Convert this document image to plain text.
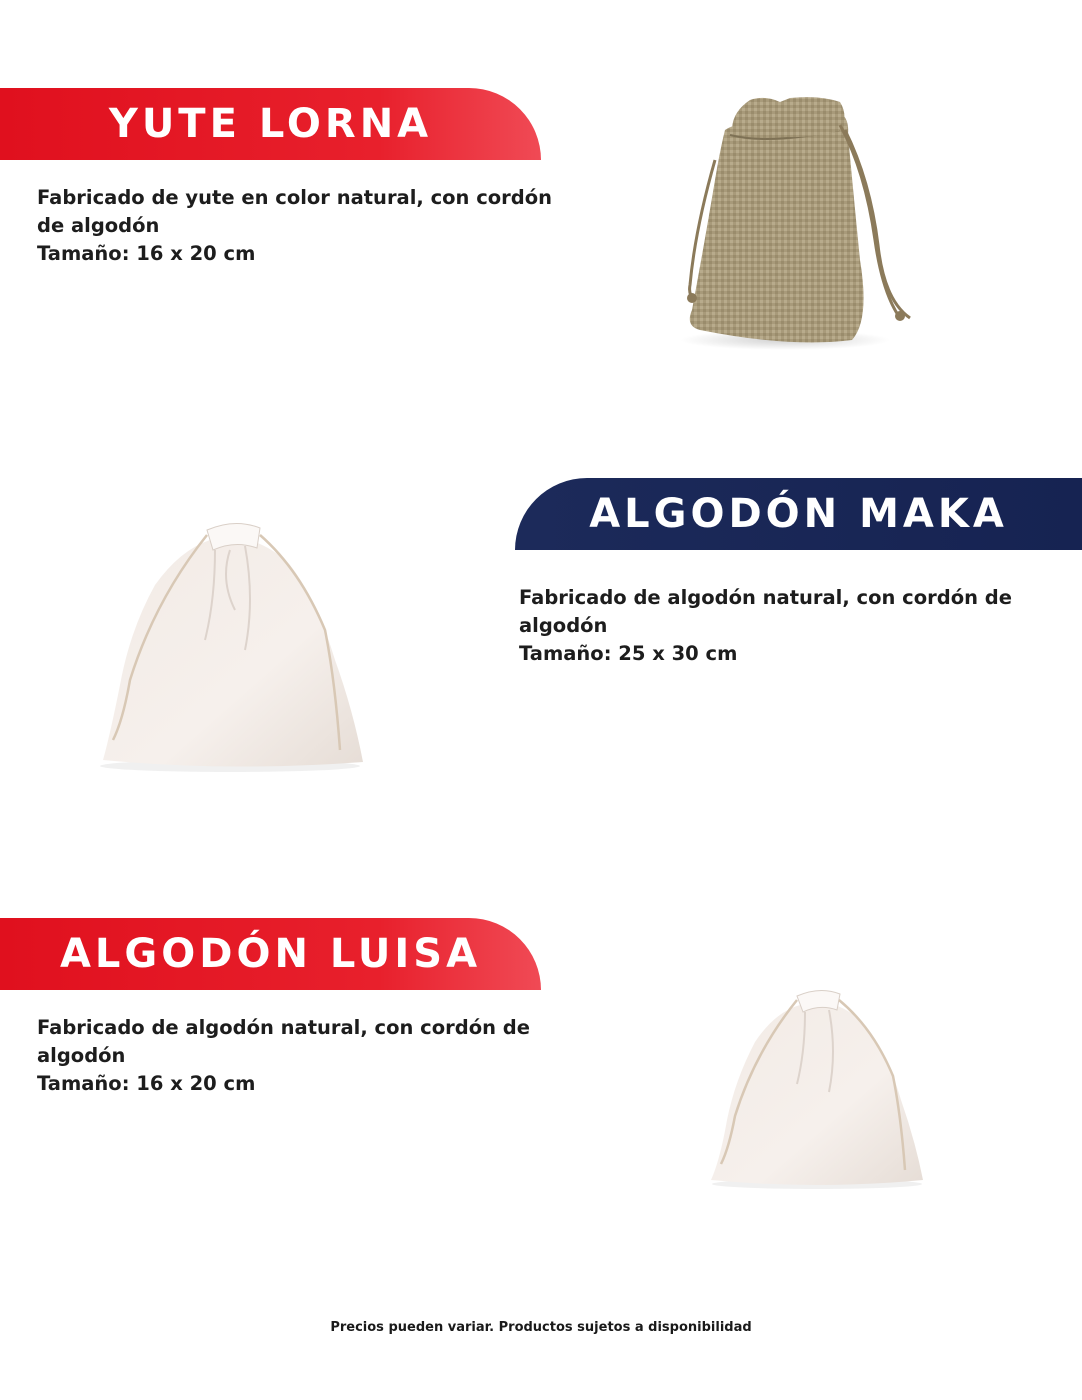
YUTE LORNA
Fabricado de yute en color natural, con cordón de algodón
Tamaño: 16 x 20 cm
ALGODÓN MAKA
Fabricado de algodón natural, con cordón de algodón
Tamaño: 25 x 30 cm
ALGODÓN LUISA
Fabricado de algodón natural, con cordón de algodón
Tamaño: 16 x 20 cm
Precios pueden variar. Productos sujetos a disponibilidad
